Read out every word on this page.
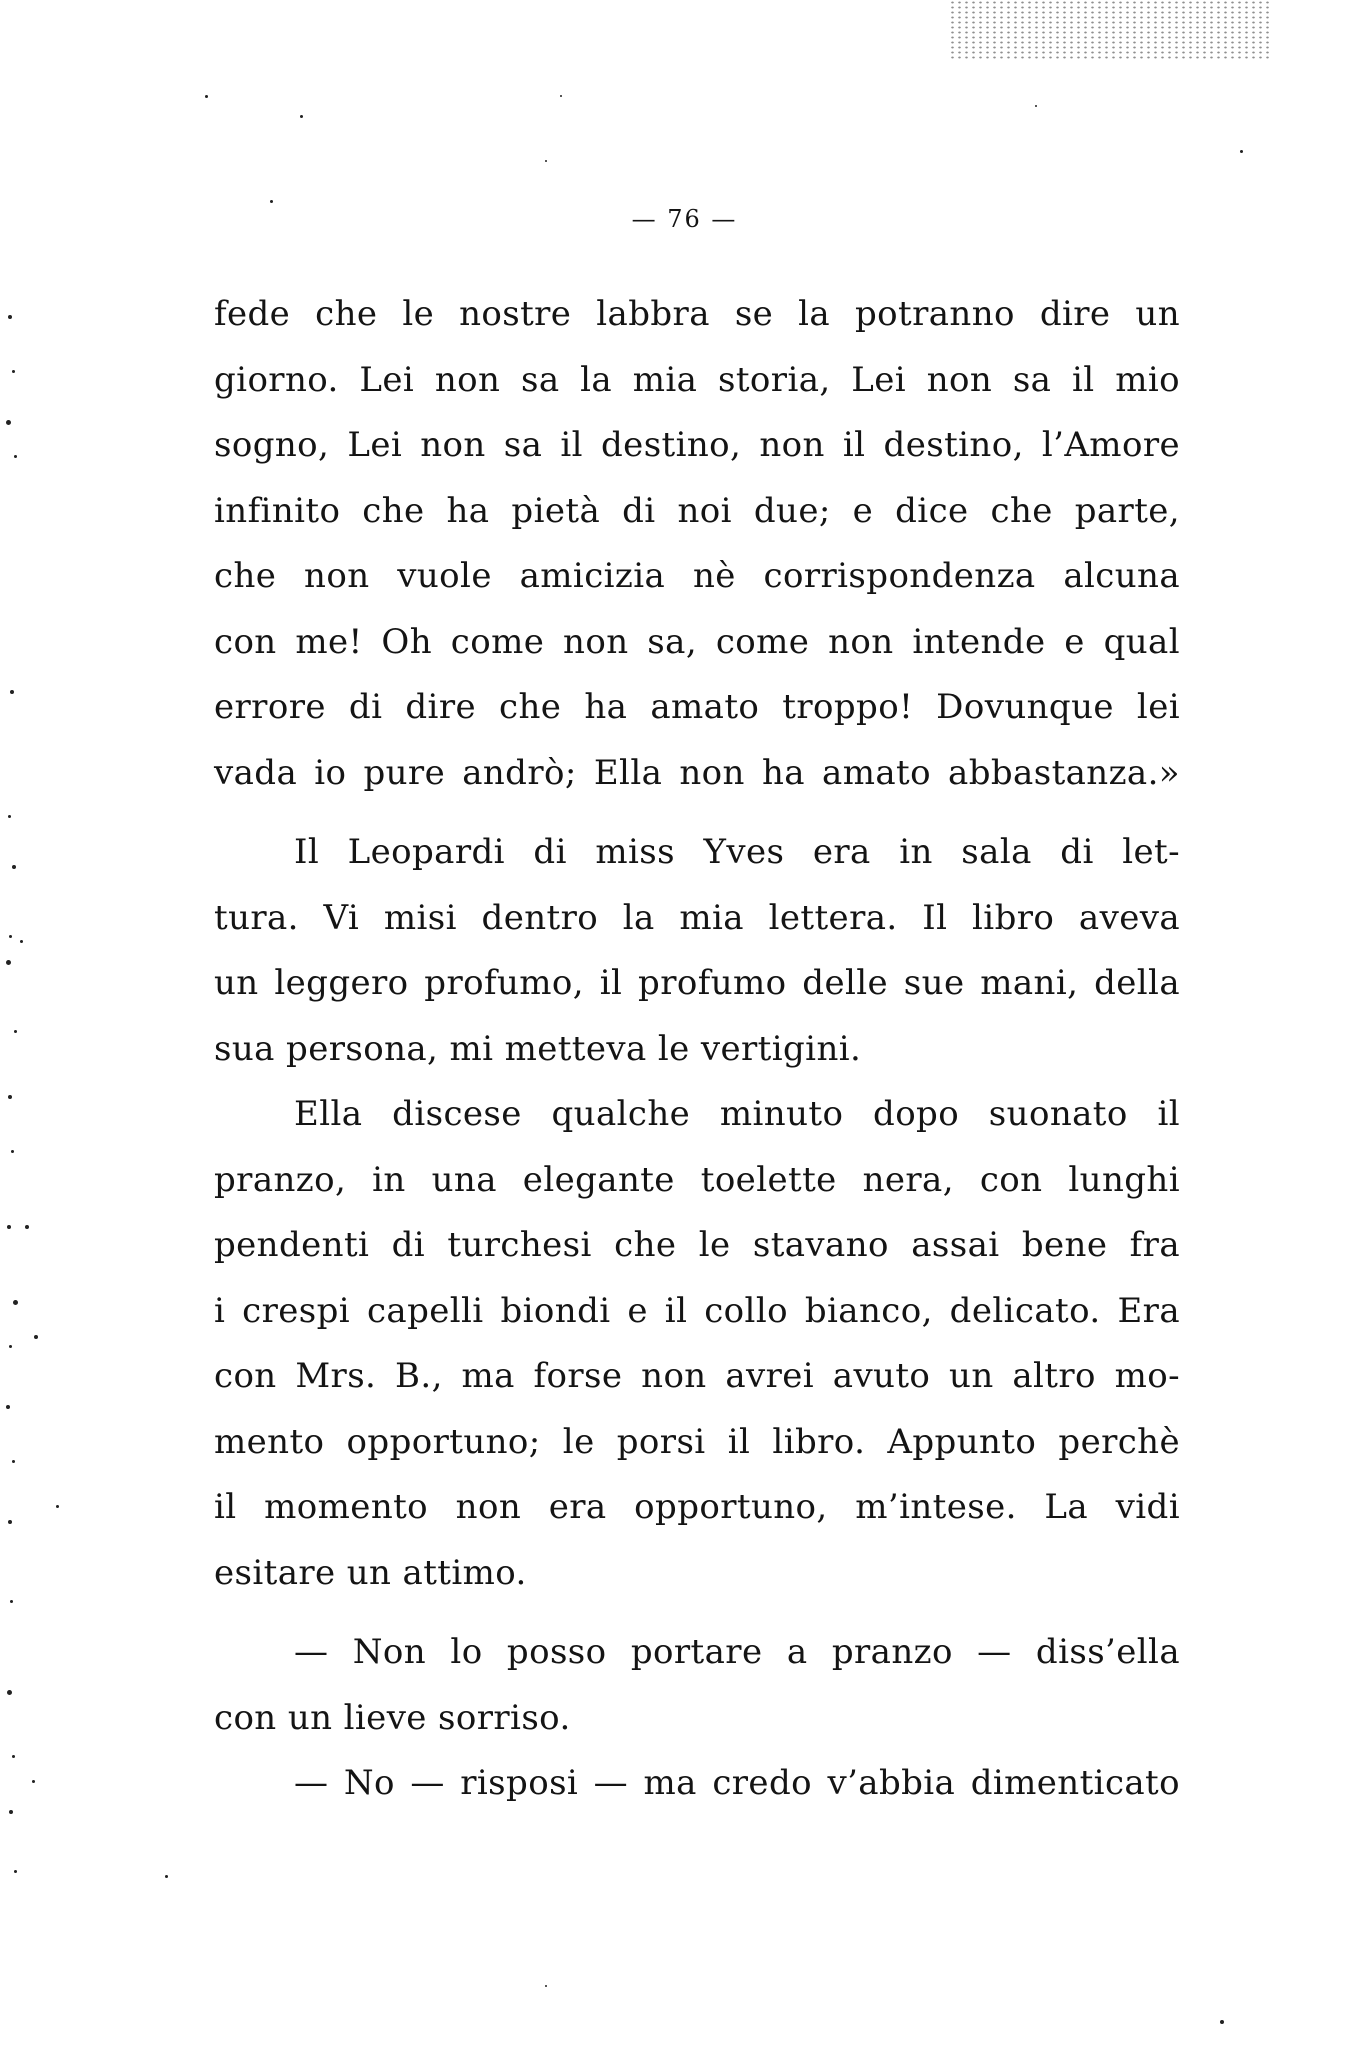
— 76 —
fede che le nostre labbra se la potranno dire un
giorno. Lei non sa la mia storia, Lei non sa il mio
sogno, Lei non sa il destino, non il destino, l’Amore
infinito che ha pietà di noi due; e dice che parte,
che non vuole amicizia nè corrispondenza alcuna
con me! Oh come non sa, come non intende e qual
errore di dire che ha amato troppo! Dovunque lei
vada io pure andrò; Ella non ha amato abbastanza.»
Il Leopardi di miss Yves era in sala di let-
tura. Vi misi dentro la mia lettera. Il libro aveva
un leggero profumo, il profumo delle sue mani, della
sua persona, mi metteva le vertigini.
Ella discese qualche minuto dopo suonato il
pranzo, in una elegante toelette nera, con lunghi
pendenti di turchesi che le stavano assai bene fra
i crespi capelli biondi e il collo bianco, delicato. Era
con Mrs. B., ma forse non avrei avuto un altro mo-
mento opportuno; le porsi il libro. Appunto perchè
il momento non era opportuno, m’intese. La vidi
esitare un attimo.
— Non lo posso portare a pranzo — diss’ella
con un lieve sorriso.
— No — risposi — ma credo v’abbia dimenticato
